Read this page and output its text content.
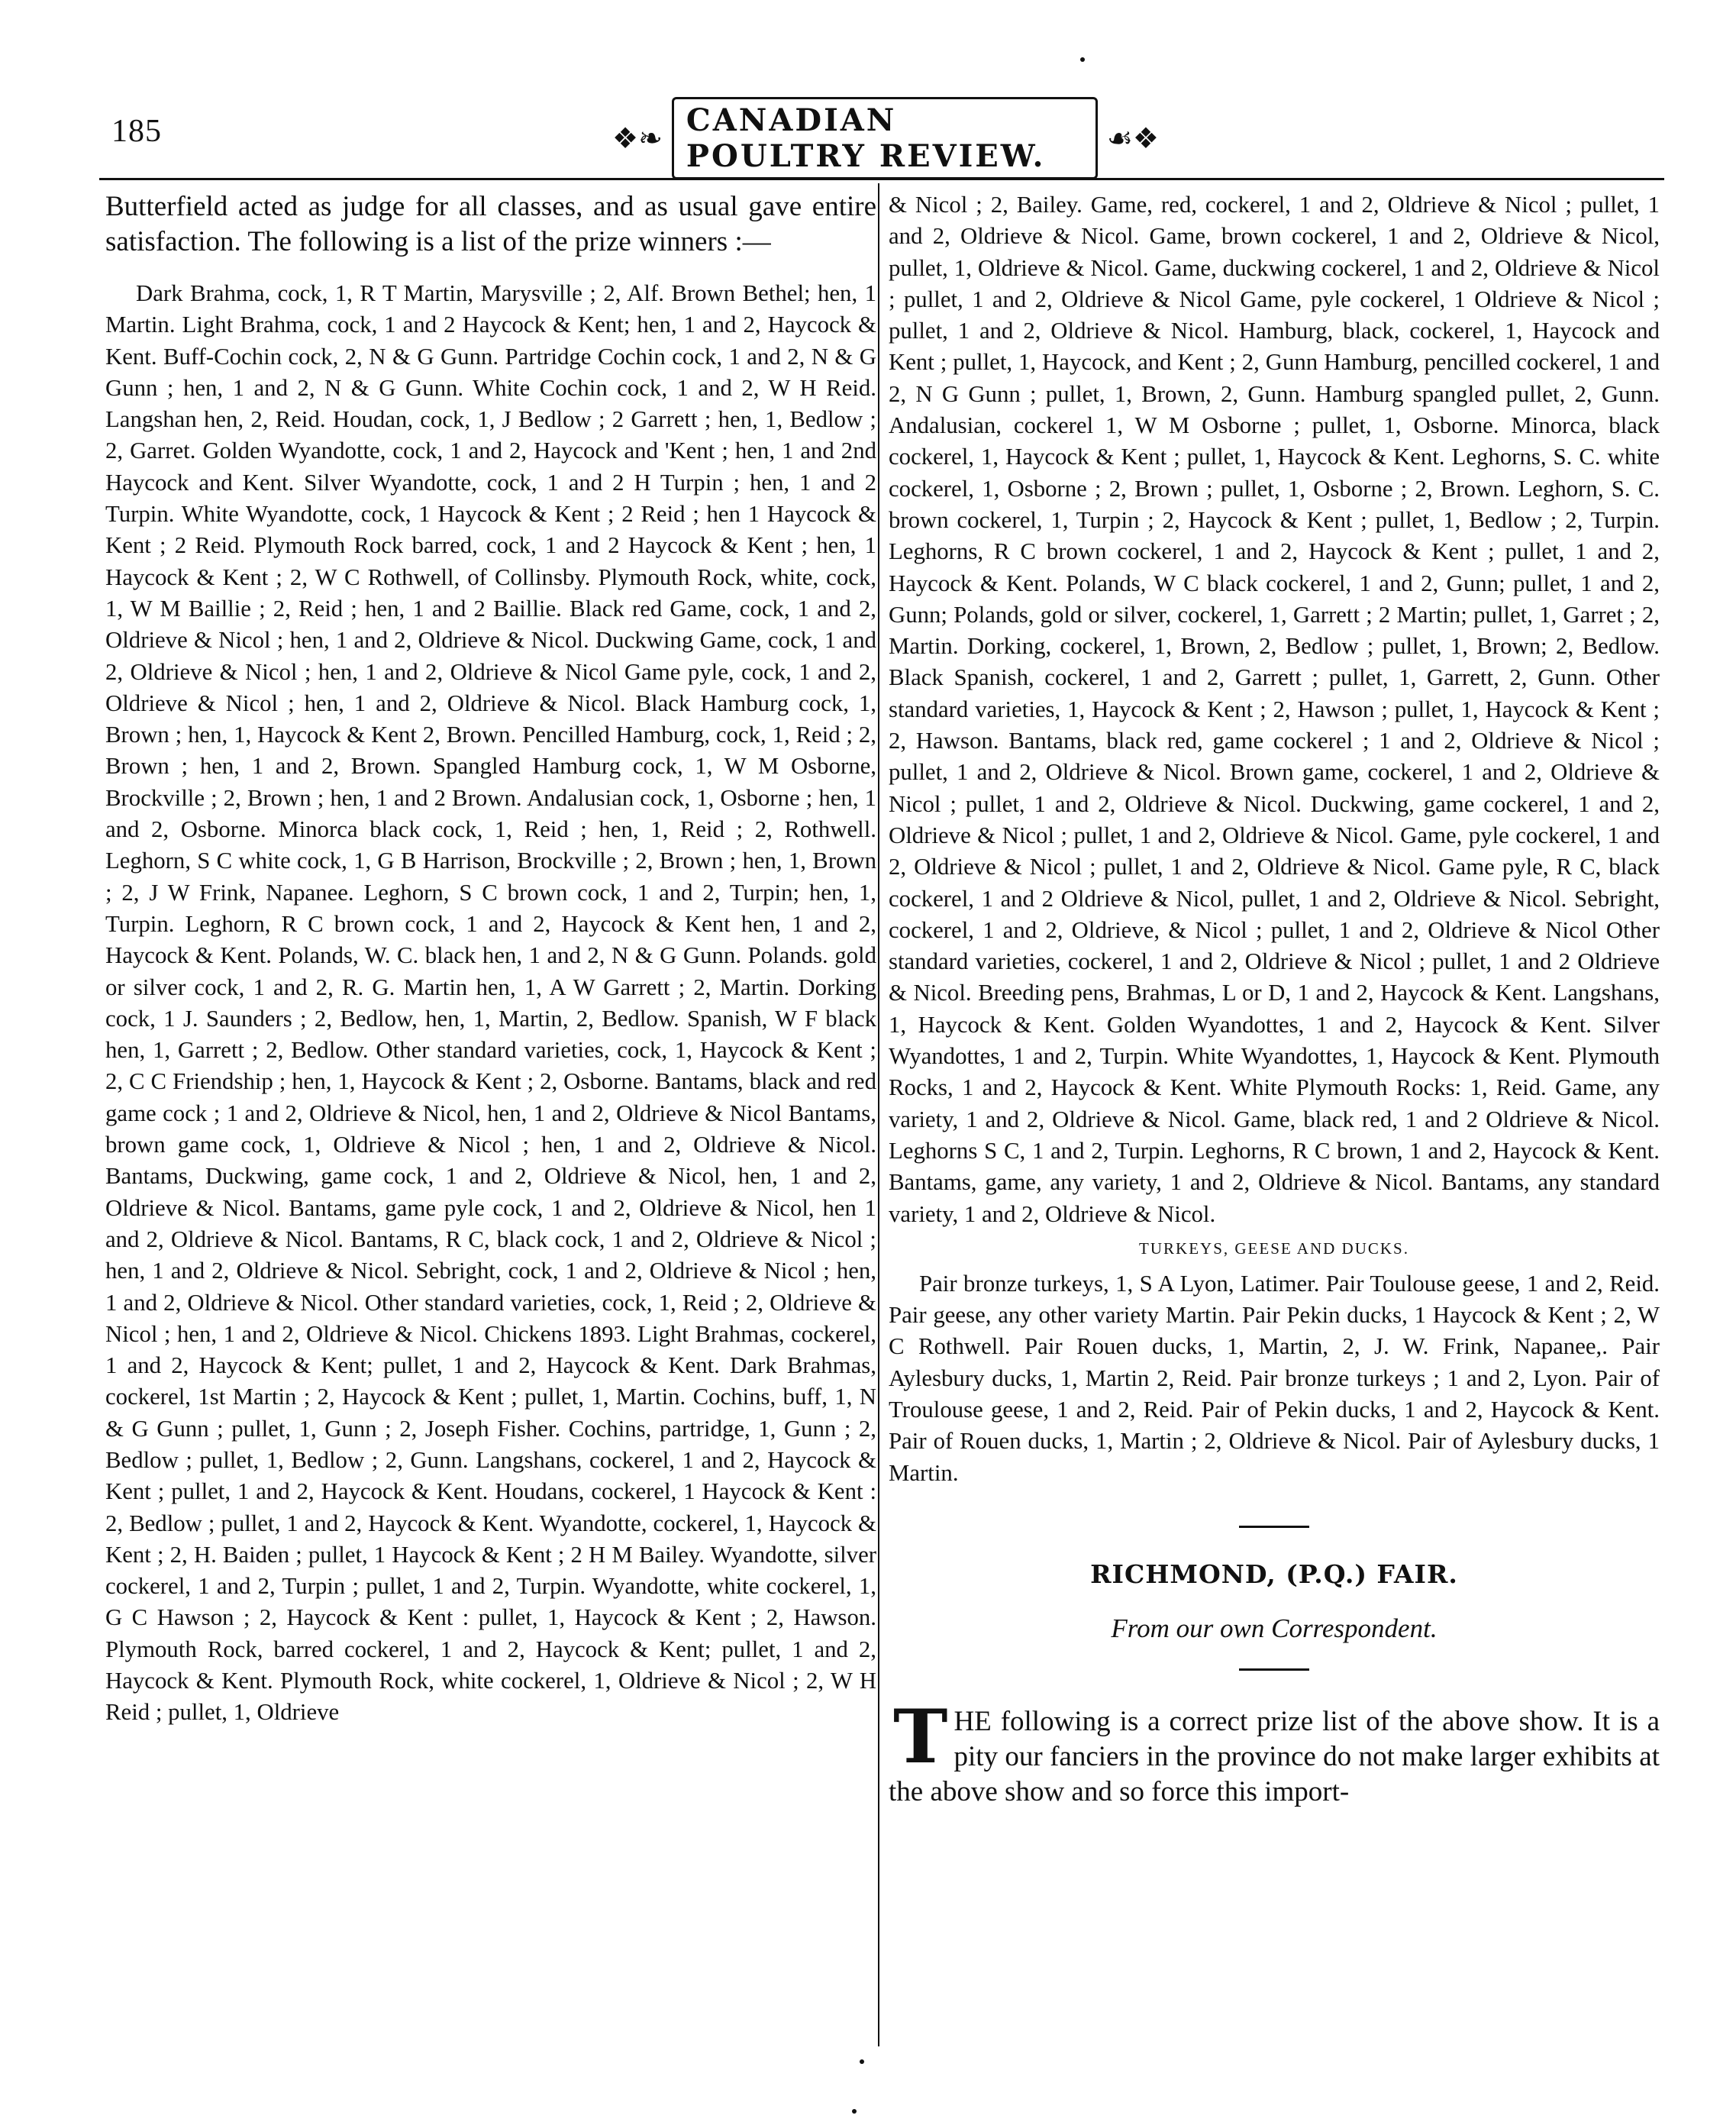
185	❖❧
CANADIAN POULTRY REVIEW.	☙❖

Butterfield acted as judge for all classes, and as usual gave entire satisfaction. The following is a list of the prize winners :—

Dark Brahma, cock, 1, R T Martin, Marysville ; 2, Alf. Brown Bethel; hen, 1 Martin. Light Brahma, cock, 1 and 2 Haycock & Kent; hen, 1 and 2, Haycock & Kent. Buff-Cochin cock, 2, N & G Gunn. Partridge Cochin cock, 1 and 2, N & G Gunn ; hen, 1 and 2, N & G Gunn. White Cochin cock, 1 and 2, W H Reid. Langshan hen, 2, Reid. Houdan, cock, 1, J Bedlow ; 2 Garrett ; hen, 1, Bedlow ; 2, Garret. Golden Wyandotte, cock, 1 and 2, Haycock and 'Kent ; hen, 1 and 2nd Haycock and Kent. Silver Wyandotte, cock, 1 and 2 H Turpin ; hen, 1 and 2 Turpin. White Wyandotte, cock, 1 Haycock & Kent ; 2 Reid ; hen 1 Haycock & Kent ; 2 Reid. Plymouth Rock barred, cock, 1 and 2 Haycock & Kent ; hen, 1 Haycock & Kent ; 2, W C Rothwell, of Collinsby. Plymouth Rock, white, cock, 1, W M Baillie ; 2, Reid ; hen, 1 and 2 Baillie. Black red Game, cock, 1 and 2, Oldrieve & Nicol ; hen, 1 and 2, Oldrieve & Nicol. Duckwing Game, cock, 1 and 2, Oldrieve & Nicol ; hen, 1 and 2, Oldrieve & Nicol Game pyle, cock, 1 and 2, Oldrieve & Nicol ; hen, 1 and 2, Oldrieve & Nicol. Black Hamburg cock, 1, Brown ; hen, 1, Haycock & Kent 2, Brown. Pencilled Hamburg, cock, 1, Reid ; 2, Brown ; hen, 1 and 2, Brown. Spangled Hamburg cock, 1, W M Osborne, Brockville ; 2, Brown ; hen, 1 and 2 Brown. Andalusian cock, 1, Osborne ; hen, 1 and 2, Osborne. Minorca black cock, 1, Reid ; hen, 1, Reid ; 2, Rothwell. Leghorn, S C white cock, 1, G B Harrison, Brockville ; 2, Brown ; hen, 1, Brown ; 2, J W Frink, Napanee. Leghorn, S C brown cock, 1 and 2, Turpin; hen, 1, Turpin. Leghorn, R C brown cock, 1 and 2, Haycock & Kent hen, 1 and 2, Haycock & Kent. Polands, W. C. black hen, 1 and 2, N & G Gunn. Polands. gold or silver cock, 1 and 2, R. G. Martin hen, 1, A W Garrett ; 2, Martin. Dorking cock, 1 J. Saunders ; 2, Bedlow, hen, 1, Martin, 2, Bedlow. Spanish, W F black hen, 1, Garrett ; 2, Bedlow. Other standard varieties, cock, 1, Haycock & Kent ; 2, C C Friendship ; hen, 1, Haycock & Kent ; 2, Osborne. Bantams, black and red game cock ; 1 and 2, Oldrieve & Nicol, hen, 1 and 2, Oldrieve & Nicol Bantams, brown game cock, 1, Oldrieve & Nicol ; hen, 1 and 2, Oldrieve & Nicol. Bantams, Duckwing, game cock, 1 and 2, Oldrieve & Nicol, hen, 1 and 2, Oldrieve & Nicol. Bantams, game pyle cock, 1 and 2, Oldrieve & Nicol, hen 1 and 2, Oldrieve & Nicol. Bantams, R C, black cock, 1 and 2, Oldrieve & Nicol ; hen, 1 and 2, Oldrieve & Nicol. Sebright, cock, 1 and 2, Oldrieve & Nicol ; hen, 1 and 2, Oldrieve & Nicol. Other standard varieties, cock, 1, Reid ; 2, Oldrieve & Nicol ; hen, 1 and 2, Oldrieve & Nicol. Chickens 1893. Light Brahmas, cockerel, 1 and 2, Haycock & Kent; pullet, 1 and 2, Haycock & Kent. Dark Brahmas, cockerel, 1st Martin ; 2, Haycock & Kent ; pullet, 1, Martin. Cochins, buff, 1, N & G Gunn ; pullet, 1, Gunn ; 2, Joseph Fisher. Cochins, partridge, 1, Gunn ; 2, Bedlow ; pullet, 1, Bedlow ; 2, Gunn. Langshans, cockerel, 1 and 2, Haycock & Kent ; pullet, 1 and 2, Haycock & Kent. Houdans, cockerel, 1 Haycock & Kent : 2, Bedlow ; pullet, 1 and 2, Haycock & Kent. Wyandotte, cockerel, 1, Haycock & Kent ; 2, H. Baiden ; pullet, 1 Haycock & Kent ; 2 H M Bailey. Wyandotte, silver cockerel, 1 and 2, Turpin ; pullet, 1 and 2, Turpin. Wyandotte, white cockerel, 1, G C Hawson ; 2, Haycock & Kent : pullet, 1, Haycock & Kent ; 2, Hawson. Plymouth Rock, barred cockerel, 1 and 2, Haycock & Kent; pullet, 1 and 2, Haycock & Kent. Plymouth Rock, white cockerel, 1, Oldrieve & Nicol ; 2, W H Reid ; pullet, 1, Oldrieve

& Nicol ; 2, Bailey. Game, red, cockerel, 1 and 2, Oldrieve & Nicol ; pullet, 1 and 2, Oldrieve & Nicol. Game, brown cockerel, 1 and 2, Oldrieve & Nicol, pullet, 1, Oldrieve & Nicol. Game, duckwing cockerel, 1 and 2, Oldrieve & Nicol ; pullet, 1 and 2, Oldrieve & Nicol Game, pyle cockerel, 1 Oldrieve & Nicol ; pullet, 1 and 2, Oldrieve & Nicol. Hamburg, black, cockerel, 1, Haycock and Kent ; pullet, 1, Haycock, and Kent ; 2, Gunn Hamburg, pencilled cockerel, 1 and 2, N G Gunn ; pullet, 1, Brown, 2, Gunn. Hamburg spangled pullet, 2, Gunn. Andalusian, cockerel 1, W M Osborne ; pullet, 1, Osborne. Minorca, black cockerel, 1, Haycock & Kent ; pullet, 1, Haycock & Kent. Leghorns, S. C. white cockerel, 1, Osborne ; 2, Brown ; pullet, 1, Osborne ; 2, Brown. Leghorn, S. C. brown cockerel, 1, Turpin ; 2, Haycock & Kent ; pullet, 1, Bedlow ; 2, Turpin. Leghorns, R C brown cockerel, 1 and 2, Haycock & Kent ; pullet, 1 and 2, Haycock & Kent. Polands, W C black cockerel, 1 and 2, Gunn; pullet, 1 and 2, Gunn; Polands, gold or silver, cockerel, 1, Garrett ; 2 Martin; pullet, 1, Garret ; 2, Martin. Dorking, cockerel, 1, Brown, 2, Bedlow ; pullet, 1, Brown; 2, Bedlow. Black Spanish, cockerel, 1 and 2, Garrett ; pullet, 1, Garrett, 2, Gunn. Other standard varieties, 1, Haycock & Kent ; 2, Hawson ; pullet, 1, Haycock & Kent ; 2, Hawson. Bantams, black red, game cockerel ; 1 and 2, Oldrieve & Nicol ; pullet, 1 and 2, Oldrieve & Nicol. Brown game, cockerel, 1 and 2, Oldrieve & Nicol ; pullet, 1 and 2, Oldrieve & Nicol. Duckwing, game cockerel, 1 and 2, Oldrieve & Nicol ; pullet, 1 and 2, Oldrieve & Nicol. Game, pyle cockerel, 1 and 2, Oldrieve & Nicol ; pullet, 1 and 2, Oldrieve & Nicol. Game pyle, R C, black cockerel, 1 and 2 Oldrieve & Nicol, pullet, 1 and 2, Oldrieve & Nicol. Sebright, cockerel, 1 and 2, Oldrieve, & Nicol ; pullet, 1 and 2, Oldrieve & Nicol Other standard varieties, cockerel, 1 and 2, Oldrieve & Nicol ; pullet, 1 and 2 Oldrieve & Nicol. Breeding pens, Brahmas, L or D, 1 and 2, Haycock & Kent. Langshans, 1, Haycock & Kent. Golden Wyandottes, 1 and 2, Haycock & Kent. Silver Wyandottes, 1 and 2, Turpin. White Wyandottes, 1, Haycock & Kent. Plymouth Rocks, 1 and 2, Haycock & Kent. White Plymouth Rocks: 1, Reid. Game, any variety, 1 and 2, Oldrieve & Nicol. Game, black red, 1 and 2 Oldrieve & Nicol. Leghorns S C, 1 and 2, Turpin. Leghorns, R C brown, 1 and 2, Haycock & Kent. Bantams, game, any variety, 1 and 2, Oldrieve & Nicol. Bantams, any standard variety, 1 and 2, Oldrieve & Nicol.

TURKEYS, GEESE AND DUCKS.

Pair bronze turkeys, 1, S A Lyon, Latimer. Pair Toulouse geese, 1 and 2, Reid. Pair geese, any other variety Martin. Pair Pekin ducks, 1 Haycock & Kent ; 2, W C Rothwell. Pair Rouen ducks, 1, Martin, 2, J. W. Frink, Napanee,. Pair Aylesbury ducks, 1, Martin 2, Reid. Pair bronze turkeys ; 1 and 2, Lyon. Pair of Troulouse geese, 1 and 2, Reid. Pair of Pekin ducks, 1 and 2, Haycock & Kent. Pair of Rouen ducks, 1, Martin ; 2, Oldrieve & Nicol. Pair of Aylesbury ducks, 1 Martin.

RICHMOND, (P.Q.) FAIR.
From our own Correspondent.

THE following is a correct prize list of the above show. It is a pity our fanciers in the province do not make larger exhibits at the above show and so force this import-
